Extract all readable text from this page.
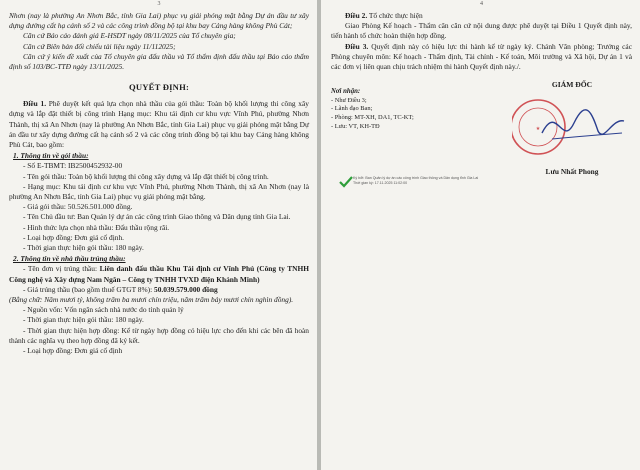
3

Nhơn (nay là phường An Nhơn Bắc, tỉnh Gia Lai) phục vụ giải phóng mặt bằng Dự án đầu tư xây dựng đường cất hạ cánh số 2 và các công trình đồng bộ tại khu bay Cảng hàng không Phù Cát;

Căn cứ Báo cáo đánh giá E-HSDT ngày 08/11/2025 của Tổ chuyên gia;

Căn cứ Biên bản đối chiếu tài liệu ngày 11/112025;

Căn cứ ý kiến đề xuất của Tổ chuyên gia đấu thầu và Tổ thẩm định đấu thầu tại Báo cáo thẩm định số 103/BC-TTĐ ngày 13/11/2025.

QUYẾT ĐỊNH:

Điều 1. Phê duyệt kết quả lựa chọn nhà thầu của gói thầu: Toàn bộ khối lượng thi công xây dựng và lắp đặt thiết bị công trình Hạng mục: Khu tái định cư khu vực Vĩnh Phú, phường Nhơn Thành, thị xã An Nhơn (nay là phường An Nhơn Bắc, tỉnh Gia Lai) phục vụ giải phóng mặt bằng Dự án đầu tư xây dựng đường cất hạ cánh số 2 và các công trình đồng bộ tại khu bay Cảng hàng không Phù Cát, bao gồm:

1. Thông tin về gói thầu:

- Số E-TBMT: IB2500452932-00

- Tên gói thầu: Toàn bộ khối lượng thi công xây dựng và lắp đặt thiết bị công trình.

- Hạng mục: Khu tái định cư khu vực Vĩnh Phú, phường Nhơn Thành, thị xã An Nhơn (nay là phường An Nhơn Bắc, tỉnh Gia Lai) phục vụ giải phóng mặt bằng.

- Giá gói thầu: 50.526.501.000 đồng.

- Tên Chủ đầu tư: Ban Quản lý dự án các công trình Giao thông và Dân dụng tỉnh Gia Lai.

- Hình thức lựa chọn nhà thầu: Đấu thầu rộng rãi.

- Loại hợp đồng: Đơn giá cố định.

- Thời gian thực hiện gói thầu: 180 ngày.

2. Thông tin về nhà thầu trúng thầu:

- Tên đơn vị trúng thầu: Liên danh đấu thầu Khu Tái định cư Vĩnh Phú (Công ty TNHH Công nghệ và Xây dựng Nam Ngân – Công ty TNHH TVXD điện Khánh Minh)

- Giá trúng thầu (bao gồm thuế GTGT 8%): 50.039.579.000 đồng

(Bằng chữ: Năm mươi tỷ, không trăm ba mươi chín triệu, năm trăm bảy mươi chín nghìn đồng).

- Nguồn vốn: Vốn ngân sách nhà nước do tỉnh quản lý

- Thời gian thực hiện gói thầu: 180 ngày.

- Thời gian thực hiện hợp đồng: Kể từ ngày hợp đồng có hiệu lực cho đến khi các bên đã hoàn thành các nghĩa vụ theo hợp đồng đã ký kết.

- Loại hợp đồng: Đơn giá cố định

4

Điều 2. Tổ chức thực hiện

Giao Phòng Kế hoạch - Thẩm cân căn cứ nội dung được phê duyệt tại Điều 1 Quyết định này, tiến hành tổ chức hoàn thiện hợp đồng.

Điều 3. Quyết định này có hiệu lực thi hành kể từ ngày ký. Chánh Văn phòng; Trưởng các Phòng chuyên môn: Kế hoạch - Thẩm định, Tài chính - Kế toán, Môi trường và Xã hội, Dự án 1 và các đơn vị liên quan chịu trách nhiệm thi hành Quyết định này./.

Nơi nhận:

- Như Điều 3;

- Lãnh đạo Ban;

- Phòng: MT-XH, DA1, TC-KT;

- Lưu: VT, KH-TĐ

GIÁM ĐỐC
★
Lưu Nhất Phong
Ký bởi: Ban Quản lý dự án các công trình Giao thông và Dân dụng tỉnh Gia Lai
Thời gian ký: 17.11.2025 11:02:00
